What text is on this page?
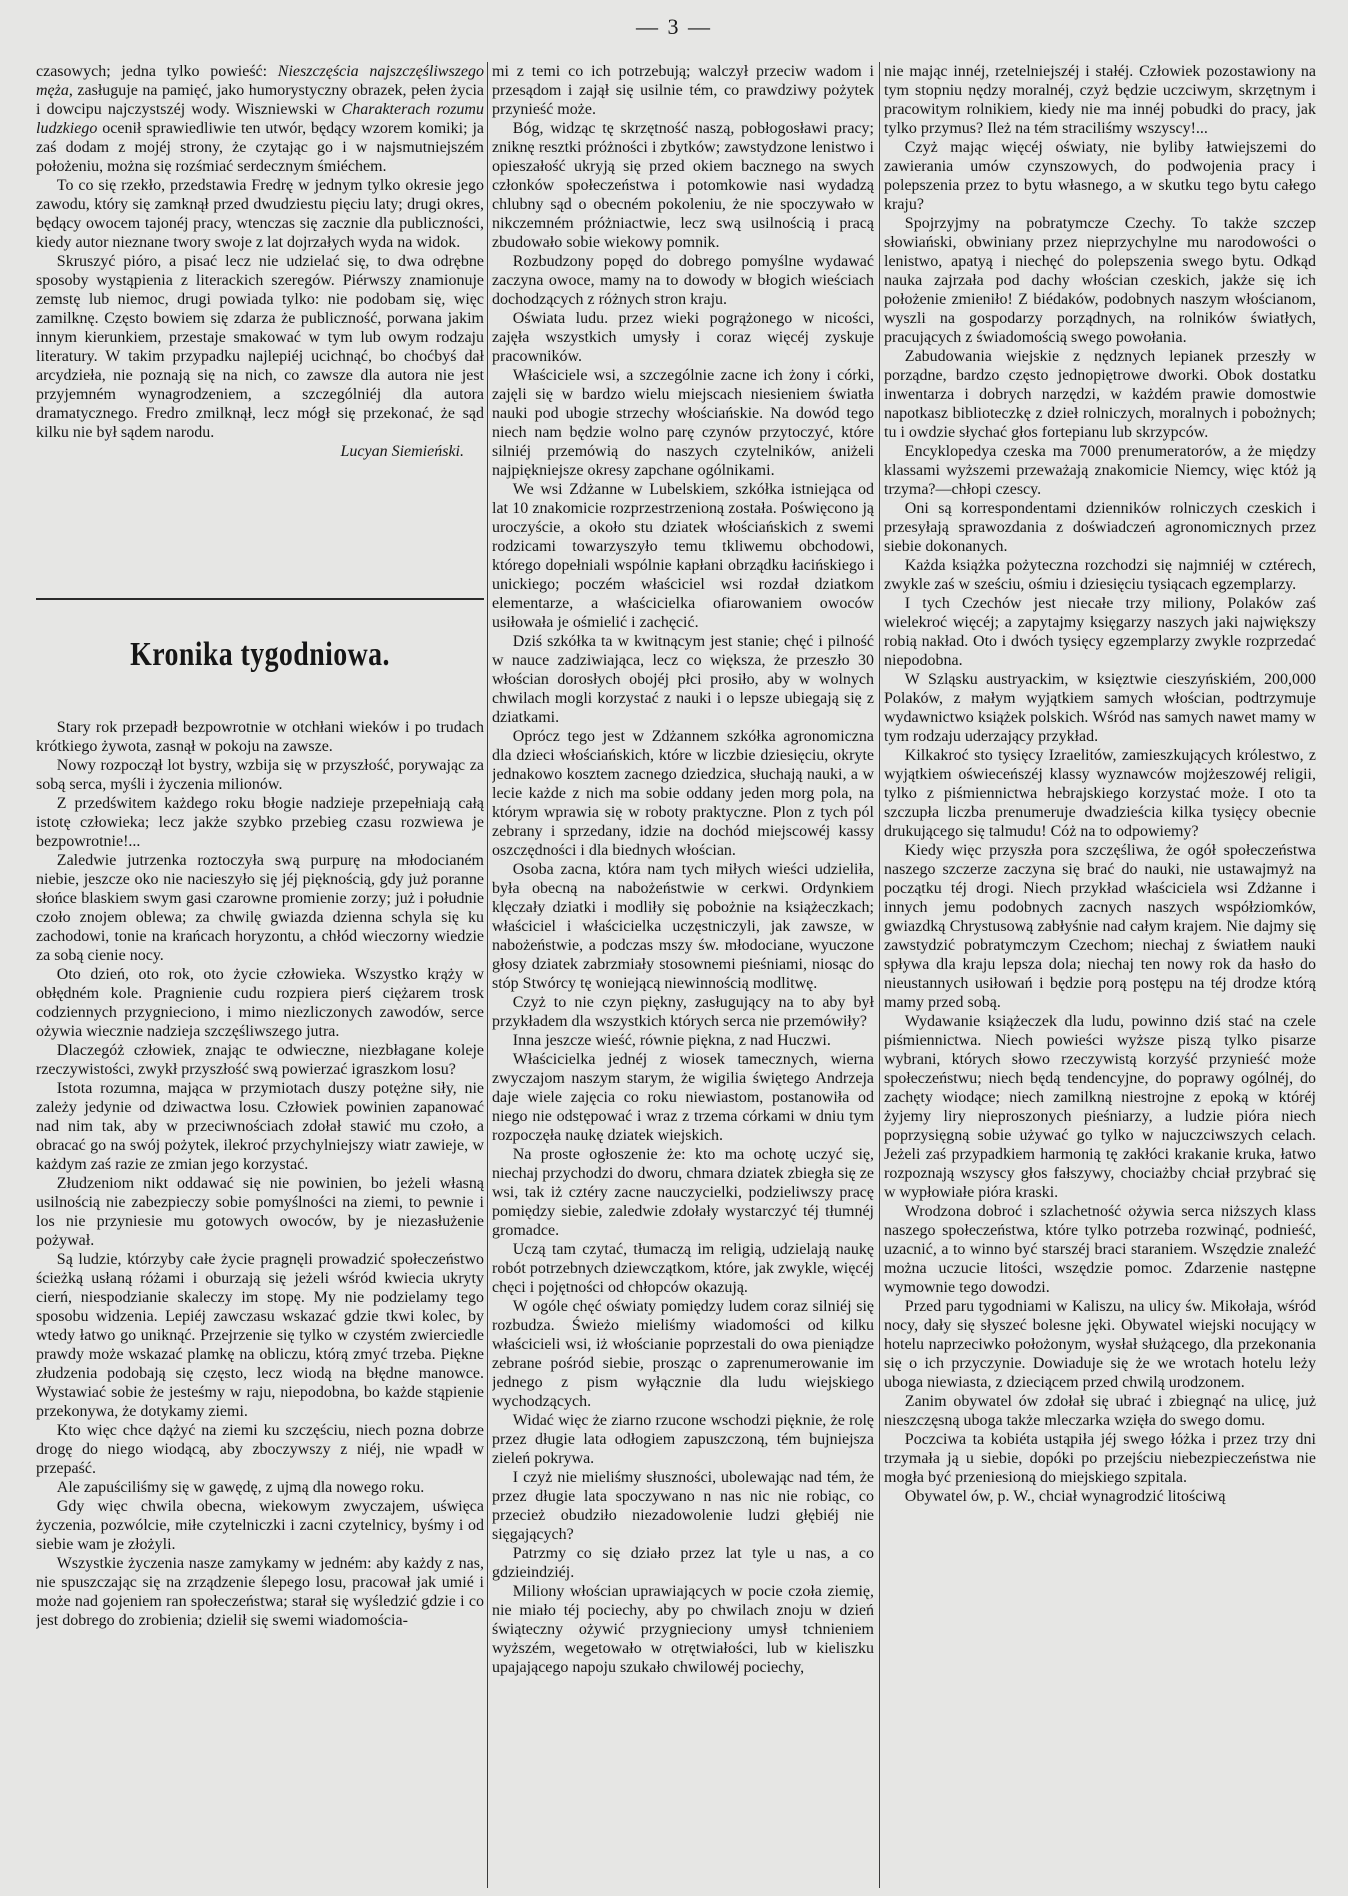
— 3 —

czasowych; jedna tylko powieść: Nieszczęścia najszczęśliwszego męża, zasługuje na pamięć, jako humorystyczny obrazek, pełen życia i dowcipu najczystszéj wody. Wiszniewski w Charakterach rozumu ludzkiego ocenił sprawiedliwie ten utwór, będący wzorem komiki; ja zaś dodam z mojéj strony, że czytając go i w najsmutniejszém położeniu, można się rozśmiać serdecznym śmiéchem.

To co się rzekło, przedstawia Fredrę w jednym tylko okresie jego zawodu, który się zamknął przed dwudziestu pięciu laty; drugi okres, będący owocem tajonéj pracy, wtenczas się zacznie dla publiczności, kiedy autor nieznane twory swoje z lat dojrzałych wyda na widok.

Skruszyć pióro, a pisać lecz nie udzielać się, to dwa odrębne sposoby wystąpienia z literackich szeregów. Piérwszy znamionuje zemstę lub niemoc, drugi powiada tylko: nie podobam się, więc zamilknę. Często bowiem się zdarza że publiczność, porwana jakim innym kierunkiem, przestaje smakować w tym lub owym rodzaju literatury. W takim przypadku najlepiéj ucichnąć, bo choćbyś dał arcydzieła, nie poznają się na nich, co zawsze dla autora nie jest przyjemném wynagrodzeniem, a szczególniéj dla autora dramatycznego. Fredro zmilknął, lecz mógł się przekonać, że sąd kilku nie był sądem narodu.

Lucyan Siemieński.
Kronika tygodniowa.

Stary rok przepadł bezpowrotnie w otchłani wieków i po trudach krótkiego żywota, zasnął w pokoju na zawsze.

Nowy rozpoczął lot bystry, wzbija się w przyszłość, porywając za sobą serca, myśli i życzenia milionów.

Z przedświtem każdego roku błogie nadzieje przepełniają całą istotę człowieka; lecz jakże szybko przebieg czasu rozwiewa je bezpowrotnie!...

Zaledwie jutrzenka roztoczyła swą purpurę na młodocianém niebie, jeszcze oko nie nacieszyło się jéj pięknością, gdy już poranne słońce blaskiem swym gasi czarowne promienie zorzy; już i południe czoło znojem oblewa; za chwilę gwiazda dzienna schyla się ku zachodowi, tonie na krańcach horyzontu, a chłód wieczorny wiedzie za sobą cienie nocy.

Oto dzień, oto rok, oto życie człowieka. Wszystko krąży w obłędném kole. Pragnienie cudu rozpiera pierś ciężarem trosk codziennych przygnieciono, i mimo niezliczonych zawodów, serce ożywia wiecznie nadzieja szczęśliwszego jutra.

Dlaczegóż człowiek, znając te odwieczne, niezbłagane koleje rzeczywistości, zwykł przyszłość swą powierzać igraszkom losu?

Istota rozumna, mająca w przymiotach duszy potężne siły, nie zależy jedynie od dziwactwa losu. Człowiek powinien zapanować nad nim tak, aby w przeciwnościach zdołał stawić mu czoło, a obracać go na swój pożytek, ilekroć przychylniejszy wiatr zawieje, w każdym zaś razie ze zmian jego korzystać.

Złudzeniom nikt oddawać się nie powinien, bo jeżeli własną usilnością nie zabezpieczy sobie pomyślności na ziemi, to pewnie i los nie przyniesie mu gotowych owoców, by je niezasłużenie pożywał.

Są ludzie, którzyby całe życie pragnęli prowadzić społeczeństwo ścieżką usłaną różami i oburzają się jeżeli wśród kwiecia ukryty cierń, niespodzianie skaleczy im stopę. My nie podzielamy tego sposobu widzenia. Lepiéj zawczasu wskazać gdzie tkwi kolec, by wtedy łatwo go uniknąć. Przejrzenie się tylko w czystém zwierciedle prawdy może wskazać plamkę na obliczu, którą zmyć trzeba. Piękne złudzenia podobają się często, lecz wiodą na błędne manowce. Wystawiać sobie że jesteśmy w raju, niepodobna, bo każde stąpienie przekonywa, że dotykamy ziemi.

Kto więc chce dążyć na ziemi ku szczęściu, niech pozna dobrze drogę do niego wiodącą, aby zboczywszy z niéj, nie wpadł w przepaść.

Ale zapuściliśmy się w gawędę, z ujmą dla nowego roku.

Gdy więc chwila obecna, wiekowym zwyczajem, uświęca życzenia, pozwólcie, miłe czytelniczki i zacni czytelnicy, byśmy i od siebie wam je złożyli.

Wszystkie życzenia nasze zamykamy w jedném: aby każdy z nas, nie spuszczając się na zrządzenie ślepego losu, pracował jak umié i może nad gojeniem ran społeczeństwa; starał się wyśledzić gdzie i co jest dobrego do zrobienia; dzielił się swemi wiadomościa-

mi z temi co ich potrzebują; walczył przeciw wadom i przesądom i zajął się usilnie tém, co prawdziwy pożytek przynieść może.

Bóg, widząc tę skrzętność naszą, pobłogosławi pracy; zniknę resztki próżności i zbytków; zawstydzone lenistwo i opieszałość ukryją się przed okiem bacznego na swych członków społeczeństwa i potomkowie nasi wydadzą chlubny sąd o obecném pokoleniu, że nie spoczywało w nikczemném próżniactwie, lecz swą usilnością i pracą zbudowało sobie wiekowy pomnik.

Rozbudzony popęd do dobrego pomyślne wydawać zaczyna owoce, mamy na to dowody w błogich wieściach dochodzących z różnych stron kraju.

Oświata ludu. przez wieki pogrążonego w nicości, zajęła wszystkich umysły i coraz więcéj zyskuje pracowników.

Właściciele wsi, a szczególnie zacne ich żony i córki, zajęli się w bardzo wielu miejscach niesieniem światła nauki pod ubogie strzechy włościańskie. Na dowód tego niech nam będzie wolno parę czynów przytoczyć, które silniéj przemówią do naszych czytelników, aniżeli najpiękniejsze okresy zapchane ogólnikami.

We wsi Zdżanne w Lubelskiem, szkółka istniejąca od lat 10 znakomicie rozprzestrzenioną została. Poświęcono ją uroczyście, a około stu dziatek włościańskich z swemi rodzicami towarzyszyło temu tkliwemu obchodowi, którego dopełniali wspólnie kapłani obrządku łacińskiego i unickiego; poczém właściciel wsi rozdał dziatkom elementarze, a właścicielka ofiarowaniem owoców usiłowała je ośmielić i zachęcić.

Dziś szkółka ta w kwitnącym jest stanie; chęć i pilność w nauce zadziwiająca, lecz co większa, że przeszło 30 włościan dorosłych obojéj płci prosiło, aby w wolnych chwilach mogli korzystać z nauki i o lepsze ubiegają się z dziatkami.

Oprócz tego jest w Zdżannem szkółka agronomiczna dla dzieci włościańskich, które w liczbie dziesięciu, okryte jednakowo kosztem zacnego dziedzica, słuchają nauki, a w lecie każde z nich ma sobie oddany jeden morg pola, na którym wprawia się w roboty praktyczne. Plon z tych pól zebrany i sprzedany, idzie na dochód miejscowéj kassy oszczędności i dla biednych włościan.

Osoba zacna, która nam tych miłych wieści udzieliła, była obecną na nabożeństwie w cerkwi. Ordynkiem klęczały dziatki i modliły się pobożnie na książeczkach; właściciel i właścicielka uczęstniczyli, jak zawsze, w nabożeństwie, a podczas mszy św. młodociane, wyuczone głosy dziatek zabrzmiały stosownemi pieśniami, niosąc do stóp Stwórcy tę woniejącą niewinnością modlitwę.

Czyż to nie czyn piękny, zasługujący na to aby był przykładem dla wszystkich których serca nie przemówiły?

Inna jeszcze wieść, równie piękna, z nad Huczwi.

Właścicielka jednéj z wiosek tamecznych, wierna zwyczajom naszym starym, że wigilia świętego Andrzeja daje wiele zajęcia co roku niewiastom, postanowiła od niego nie odstępować i wraz z trzema córkami w dniu tym rozpoczęła naukę dziatek wiejskich.

Na proste ogłoszenie że: kto ma ochotę uczyć się, niechaj przychodzi do dworu, chmara dziatek zbiegła się ze wsi, tak iż cztéry zacne nauczycielki, podzieliwszy pracę pomiędzy siebie, zaledwie zdołały wystarczyć téj tłumnéj gromadce.

Uczą tam czytać, tłumaczą im religią, udzielają naukę robót potrzebnych dziewczątkom, które, jak zwykle, więcéj chęci i pojętności od chłopców okazują.

W ogóle chęć oświaty pomiędzy ludem coraz silniéj się rozbudza. Świeżo mieliśmy wiadomości od kilku właścicieli wsi, iż włościanie poprzestali do owa pieniądze zebrane pośród siebie, prosząc o zaprenumerowanie im jednego z pism wyłącznie dla ludu wiejskiego wychodzących.

Widać więc że ziarno rzucone wschodzi pięknie, że rolę przez długie lata odłogiem zapuszczoną, tém bujniejsza zieleń pokrywa.

I czyż nie mieliśmy słuszności, ubolewając nad tém, że przez długie lata spoczywano n nas nic nie robiąc, co przecież obudziło niezadowolenie ludzi głębiéj nie sięgających?

Patrzmy co się działo przez lat tyle u nas, a co gdzieindziéj.

Miliony włościan uprawiających w pocie czoła ziemię, nie miało téj pociechy, aby po chwilach znoju w dzień świąteczny ożywić przygnieciony umysł tchnieniem wyższém, wegetowało w otrętwiałości, lub w kieliszku upajającego napoju szukało chwilowéj pociechy,

nie mając innéj, rzetelniejszéj i stałéj. Człowiek pozostawiony na tym stopniu nędzy moralnéj, czyż będzie uczciwym, skrzętnym i pracowitym rolnikiem, kiedy nie ma innéj pobudki do pracy, jak tylko przymus? Ileż na tém straciliśmy wszyscy!...

Czyż mając więcéj oświaty, nie byliby łatwiejszemi do zawierania umów czynszowych, do podwojenia pracy i polepszenia przez to bytu własnego, a w skutku tego bytu całego kraju?

Spojrzyjmy na pobratymcze Czechy. To także szczep słowiański, obwiniany przez nieprzychylne mu narodowości o lenistwo, apatyą i niechęć do polepszenia swego bytu. Odkąd nauka zajrzała pod dachy włościan czeskich, jakże się ich położenie zmieniło! Z biédaków, podobnych naszym włościanom, wyszli na gospodarzy porządnych, na rolników światłych, pracujących z świadomością swego powołania.

Zabudowania wiejskie z nędznych lepianek przeszły w porządne, bardzo często jednopiętrowe dworki. Obok dostatku inwentarza i dobrych narzędzi, w każdém prawie domostwie napotkasz biblioteczkę z dzieł rolniczych, moralnych i pobożnych; tu i owdzie słychać głos fortepianu lub skrzypców.

Encyklopedya czeska ma 7000 prenumeratorów, a że między klassami wyższemi przeważają znakomicie Niemcy, więc któż ją trzyma?—chłopi czescy.

Oni są korrespondentami dzienników rolniczych czeskich i przesyłają sprawozdania z doświadczeń agronomicznych przez siebie dokonanych.

Każda książka pożyteczna rozchodzi się najmniéj w cztérech, zwykle zaś w sześciu, ośmiu i dziesięciu tysiącach egzemplarzy.

I tych Czechów jest niecałe trzy miliony, Polaków zaś wielekroć więcéj; a zapytajmy księgarzy naszych jaki największy robią nakład. Oto i dwóch tysięcy egzemplarzy zwykle rozprzedać niepodobna.

W Szląsku austryackim, w księztwie cieszyńskiém, 200,000 Polaków, z małym wyjątkiem samych włościan, podtrzymuje wydawnictwo książek polskich. Wśród nas samych nawet mamy w tym rodzaju uderzający przykład.

Kilkakroć sto tysięcy Izraelitów, zamieszkujących królestwo, z wyjątkiem oświeceńszéj klassy wyznawców mojżeszowéj religii, tylko z piśmiennictwa hebrajskiego korzystać może. I oto ta szczupła liczba prenumeruje dwadzieścia kilka tysięcy obecnie drukującego się talmudu! Cóż na to odpowiemy?

Kiedy więc przyszła pora szczęśliwa, że ogół społeczeństwa naszego szczerze zaczyna się brać do nauki, nie ustawajmyż na początku téj drogi. Niech przykład właściciela wsi Zdżanne i innych jemu podobnych zacnych naszych współziomków, gwiazdką Chrystusową zabłyśnie nad całym krajem. Nie dajmy się zawstydzić pobratymczym Czechom; niechaj z światłem nauki spływa dla kraju lepsza dola; niechaj ten nowy rok da hasło do nieustannych usiłowań i będzie porą postępu na téj drodze którą mamy przed sobą.

Wydawanie książeczek dla ludu, powinno dziś stać na czele piśmiennictwa. Niech powieści wyższe piszą tylko pisarze wybrani, których słowo rzeczywistą korzyść przynieść może społeczeństwu; niech będą tendencyjne, do poprawy ogólnéj, do zachęty wiodące; niech zamilkną niestrojne z epoką w któréj żyjemy liry nieproszonych pieśniarzy, a ludzie pióra niech poprzysięgną sobie używać go tylko w najuczciwszych celach. Jeżeli zaś przypadkiem harmonią tę zakłóci krakanie kruka, łatwo rozpoznają wszyscy głos fałszywy, chociażby chciał przybrać się w wypłowiałe pióra kraski.

Wrodzona dobroć i szlachetność ożywia serca niższych klass naszego społeczeństwa, które tylko potrzeba rozwinąć, podnieść, uzacnić, a to winno być starszéj braci staraniem. Wszędzie znaleźć można uczucie litości, wszędzie pomoc. Zdarzenie następne wymownie tego dowodzi.

Przed paru tygodniami w Kaliszu, na ulicy św. Mikołaja, wśród nocy, dały się słyszeć bolesne jęki. Obywatel wiejski nocujący w hotelu naprzeciwko położonym, wysłał służącego, dla przekonania się o ich przyczynie. Dowiaduje się że we wrotach hotelu leży uboga niewiasta, z dzieciącem przed chwilą urodzonem.

Zanim obywatel ów zdołał się ubrać i zbiegnąć na ulicę, już nieszczęsną uboga także mleczarka wzięła do swego domu.

Poczciwa ta kobiéta ustąpiła jéj swego łóżka i przez trzy dni trzymała ją u siebie, dopóki po przejściu niebezpieczeństwa nie mogła być przeniesioną do miejskiego szpitala.

Obywatel ów, p. W., chciał wynagrodzić litościwą
